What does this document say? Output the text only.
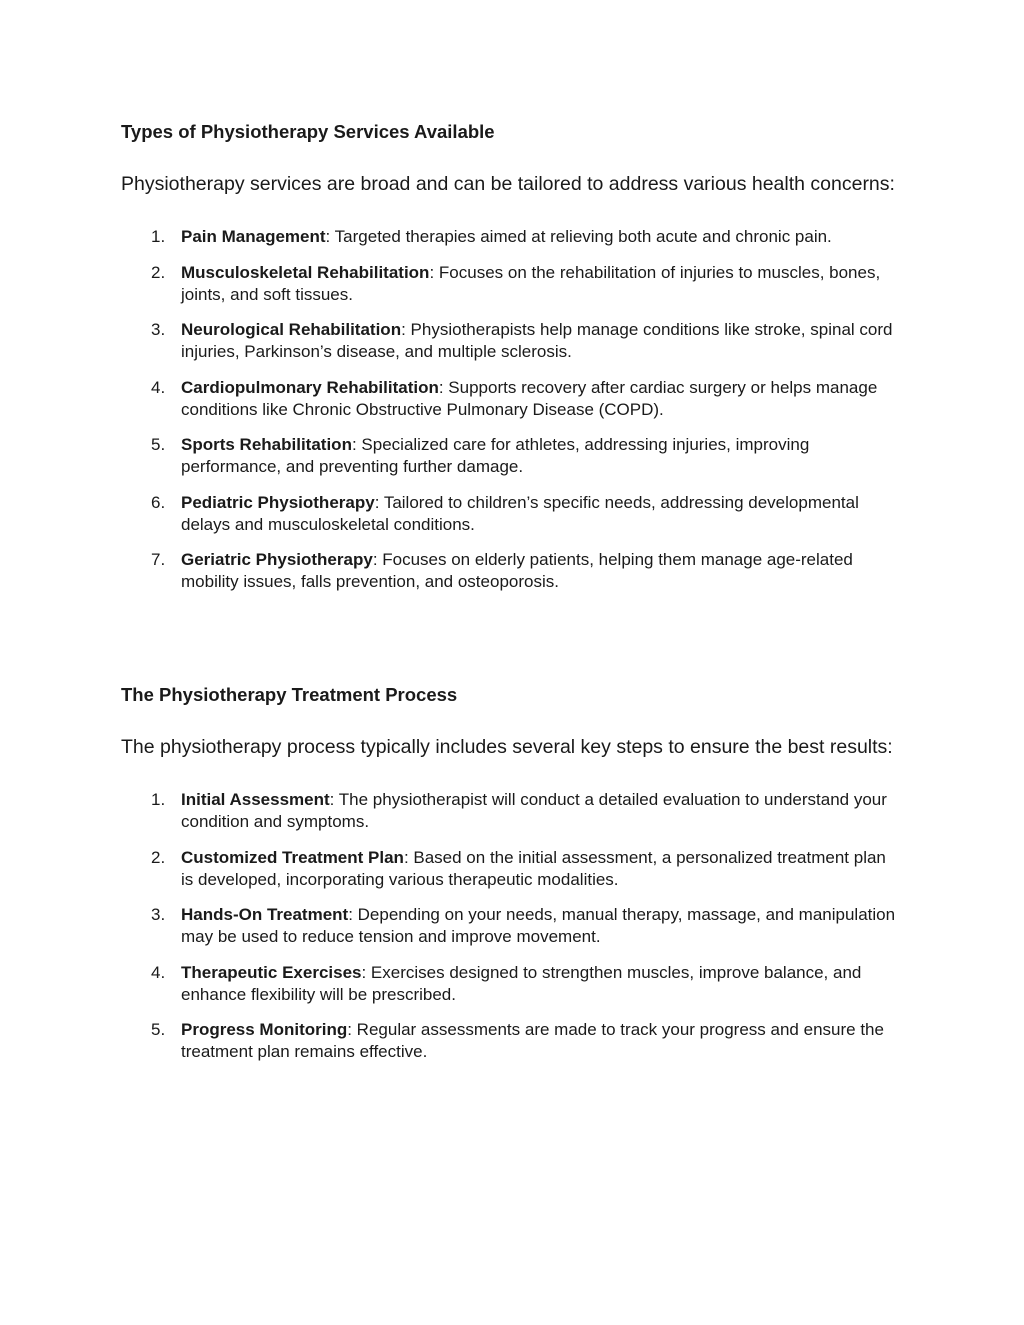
Types of Physiotherapy Services Available

Physiotherapy services are broad and can be tailored to address various health concerns:

1. Pain Management: Targeted therapies aimed at relieving both acute and chronic pain.
2. Musculoskeletal Rehabilitation: Focuses on the rehabilitation of injuries to muscles, bones, joints, and soft tissues.
3. Neurological Rehabilitation: Physiotherapists help manage conditions like stroke, spinal cord injuries, Parkinson’s disease, and multiple sclerosis.
4. Cardiopulmonary Rehabilitation: Supports recovery after cardiac surgery or helps manage conditions like Chronic Obstructive Pulmonary Disease (COPD).
5. Sports Rehabilitation: Specialized care for athletes, addressing injuries, improving performance, and preventing further damage.
6. Pediatric Physiotherapy: Tailored to children’s specific needs, addressing developmental delays and musculoskeletal conditions.
7. Geriatric Physiotherapy: Focuses on elderly patients, helping them manage age-related mobility issues, falls prevention, and osteoporosis.
The Physiotherapy Treatment Process

The physiotherapy process typically includes several key steps to ensure the best results:

1. Initial Assessment: The physiotherapist will conduct a detailed evaluation to understand your condition and symptoms.
2. Customized Treatment Plan: Based on the initial assessment, a personalized treatment plan is developed, incorporating various therapeutic modalities.
3. Hands-On Treatment: Depending on your needs, manual therapy, massage, and manipulation may be used to reduce tension and improve movement.
4. Therapeutic Exercises: Exercises designed to strengthen muscles, improve balance, and enhance flexibility will be prescribed.
5. Progress Monitoring: Regular assessments are made to track your progress and ensure the treatment plan remains effective.
